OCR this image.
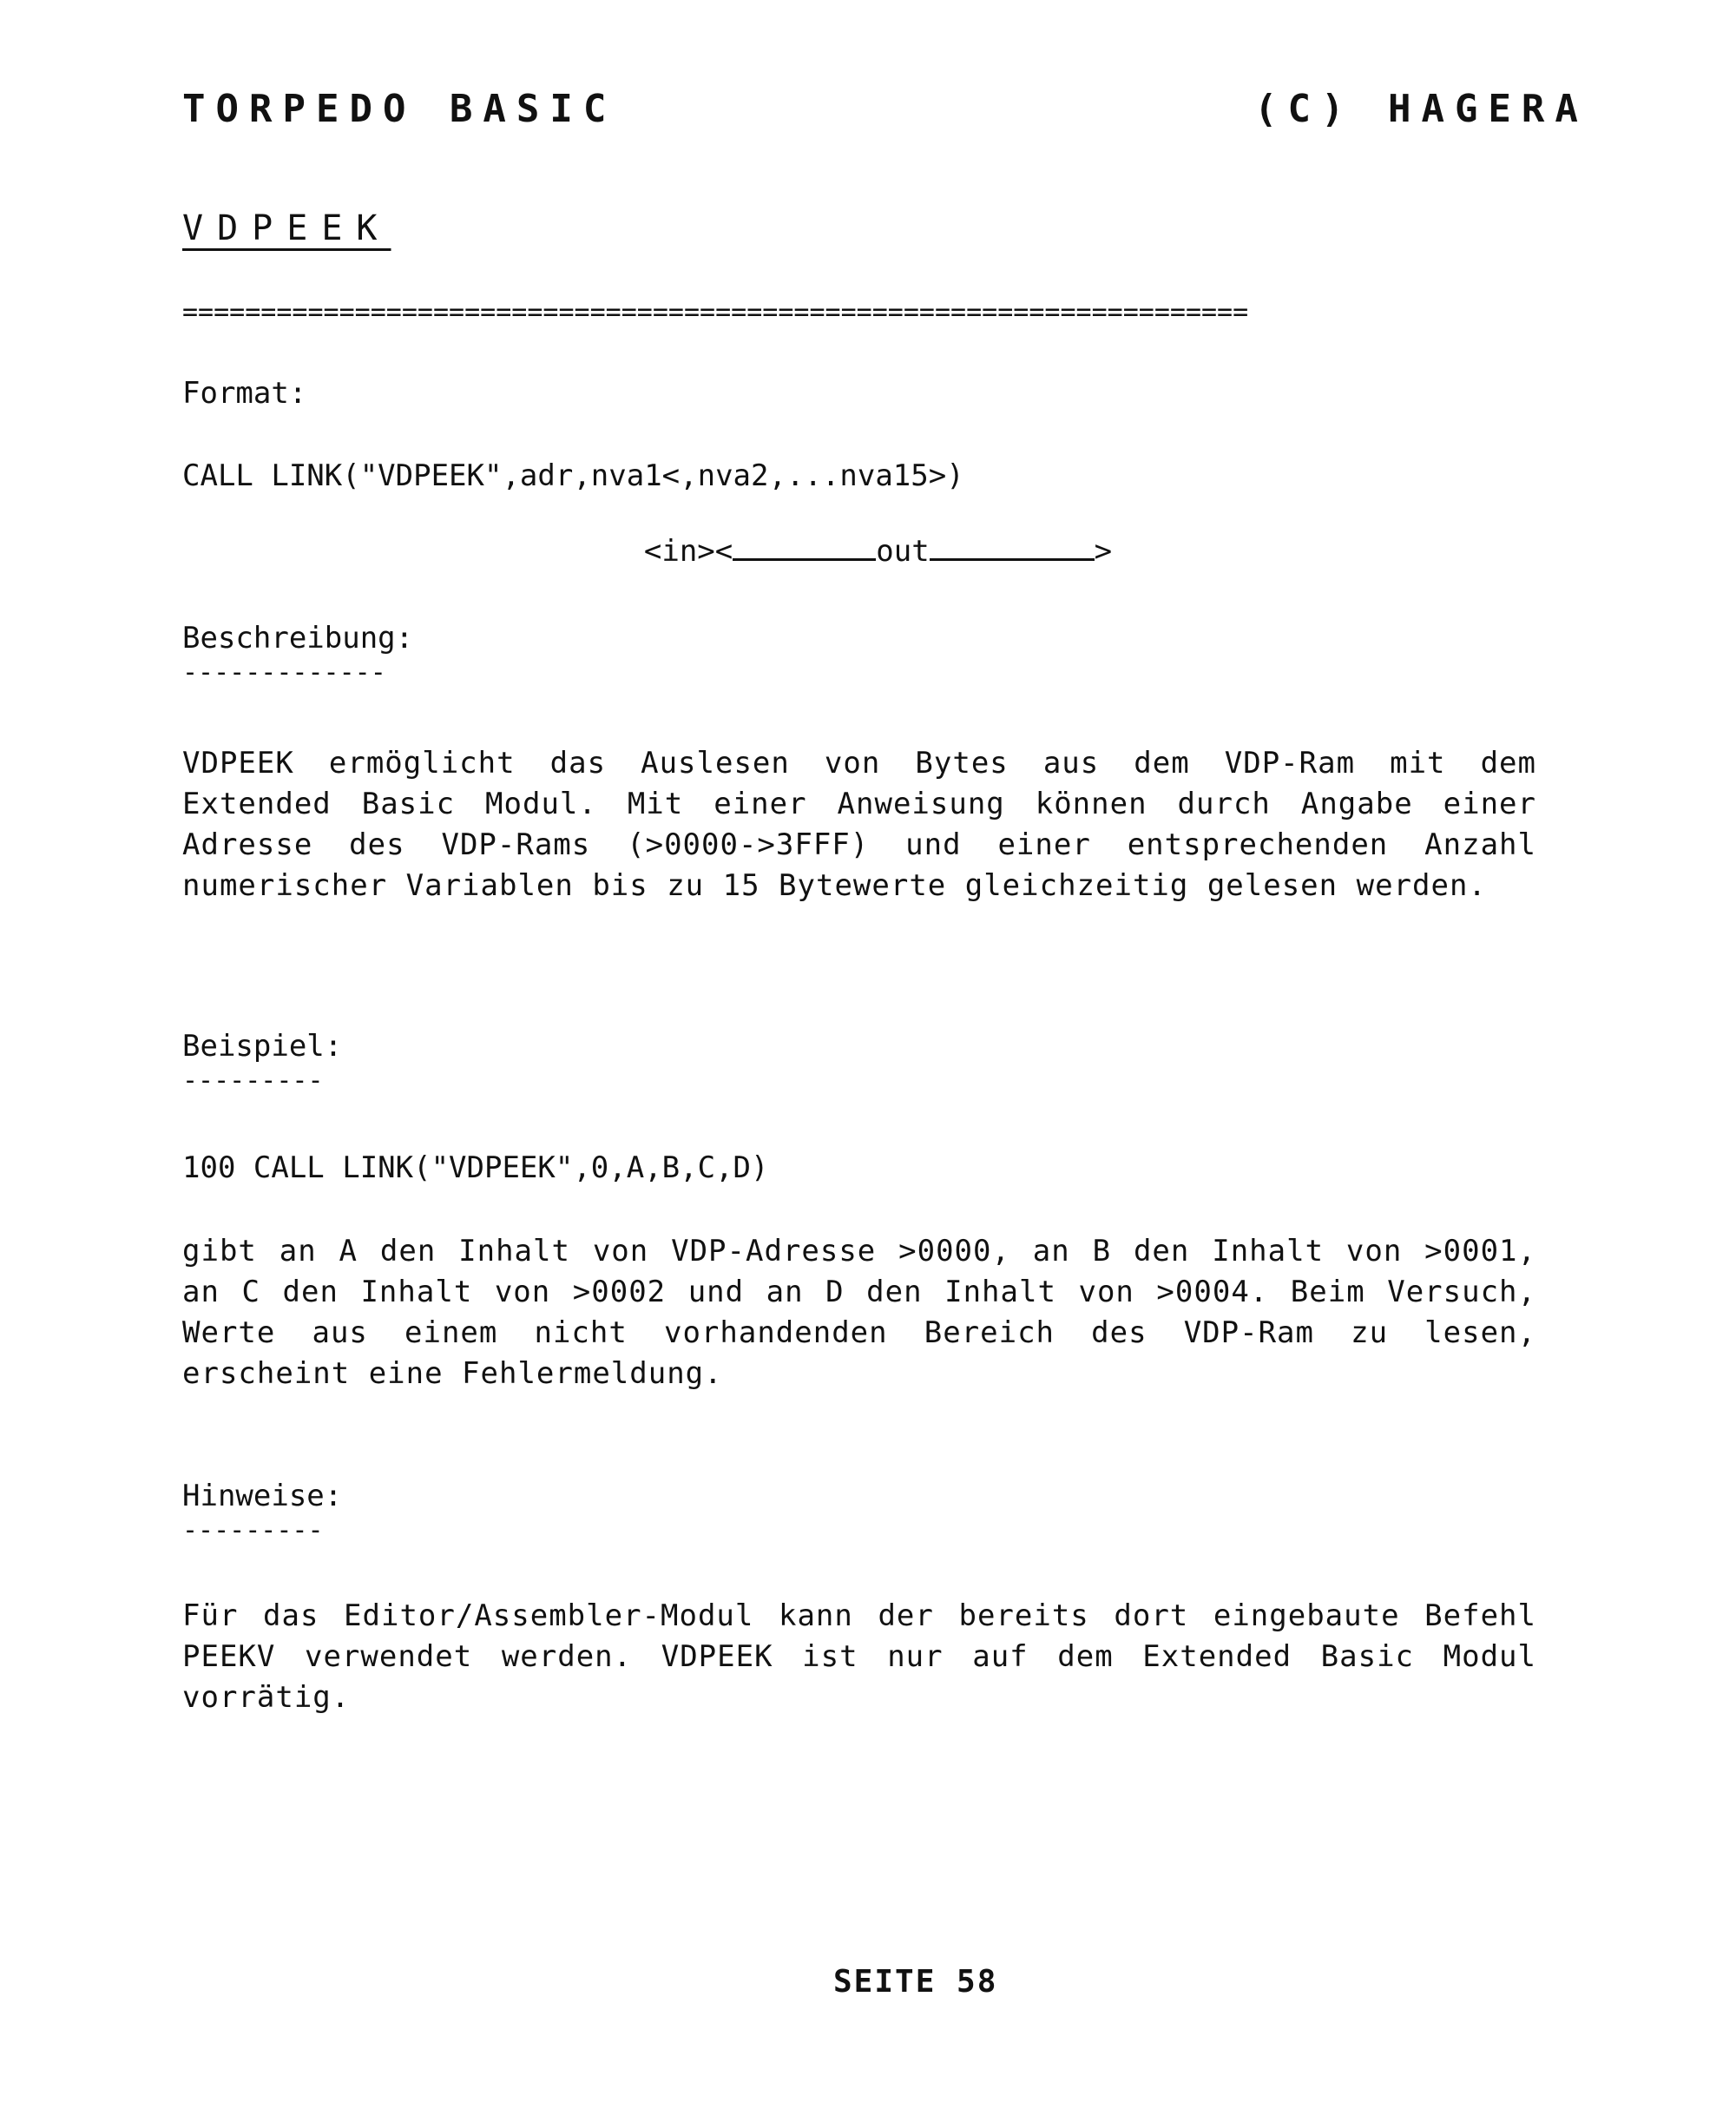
TORPEDO BASIC	(C) HAGERA
VDPEEK
====================================================================
Format:
CALL LINK("VDPEEK",adr,nva1<,nva2,...nva15>)

<in><	out	>

Beschreibung:
-------------
VDPEEK ermöglicht das Auslesen von Bytes aus dem VDP-Ram mit dem Extended Basic Modul. Mit einer Anweisung können durch Angabe einer Adresse des VDP-Rams (>0000->3FFF) und einer entsprechenden Anzahl numerischer Variablen bis zu 15 Bytewerte gleichzeitig gelesen werden.
Beispiel:
---------
100 CALL LINK("VDPEEK",0,A,B,C,D)
gibt an A den Inhalt von VDP-Adresse >0000, an B den Inhalt von >0001, an C den Inhalt von >0002 und an D den Inhalt von >0004. Beim Versuch, Werte aus einem nicht vorhandenden Bereich des VDP-Ram zu lesen, erscheint eine Fehlermeldung.
Hinweise:
---------
Für das Editor/Assembler-Modul kann der bereits dort eingebaute Befehl PEEKV verwendet werden. VDPEEK ist nur auf dem Extended Basic Modul vorrätig.
SEITE 58
